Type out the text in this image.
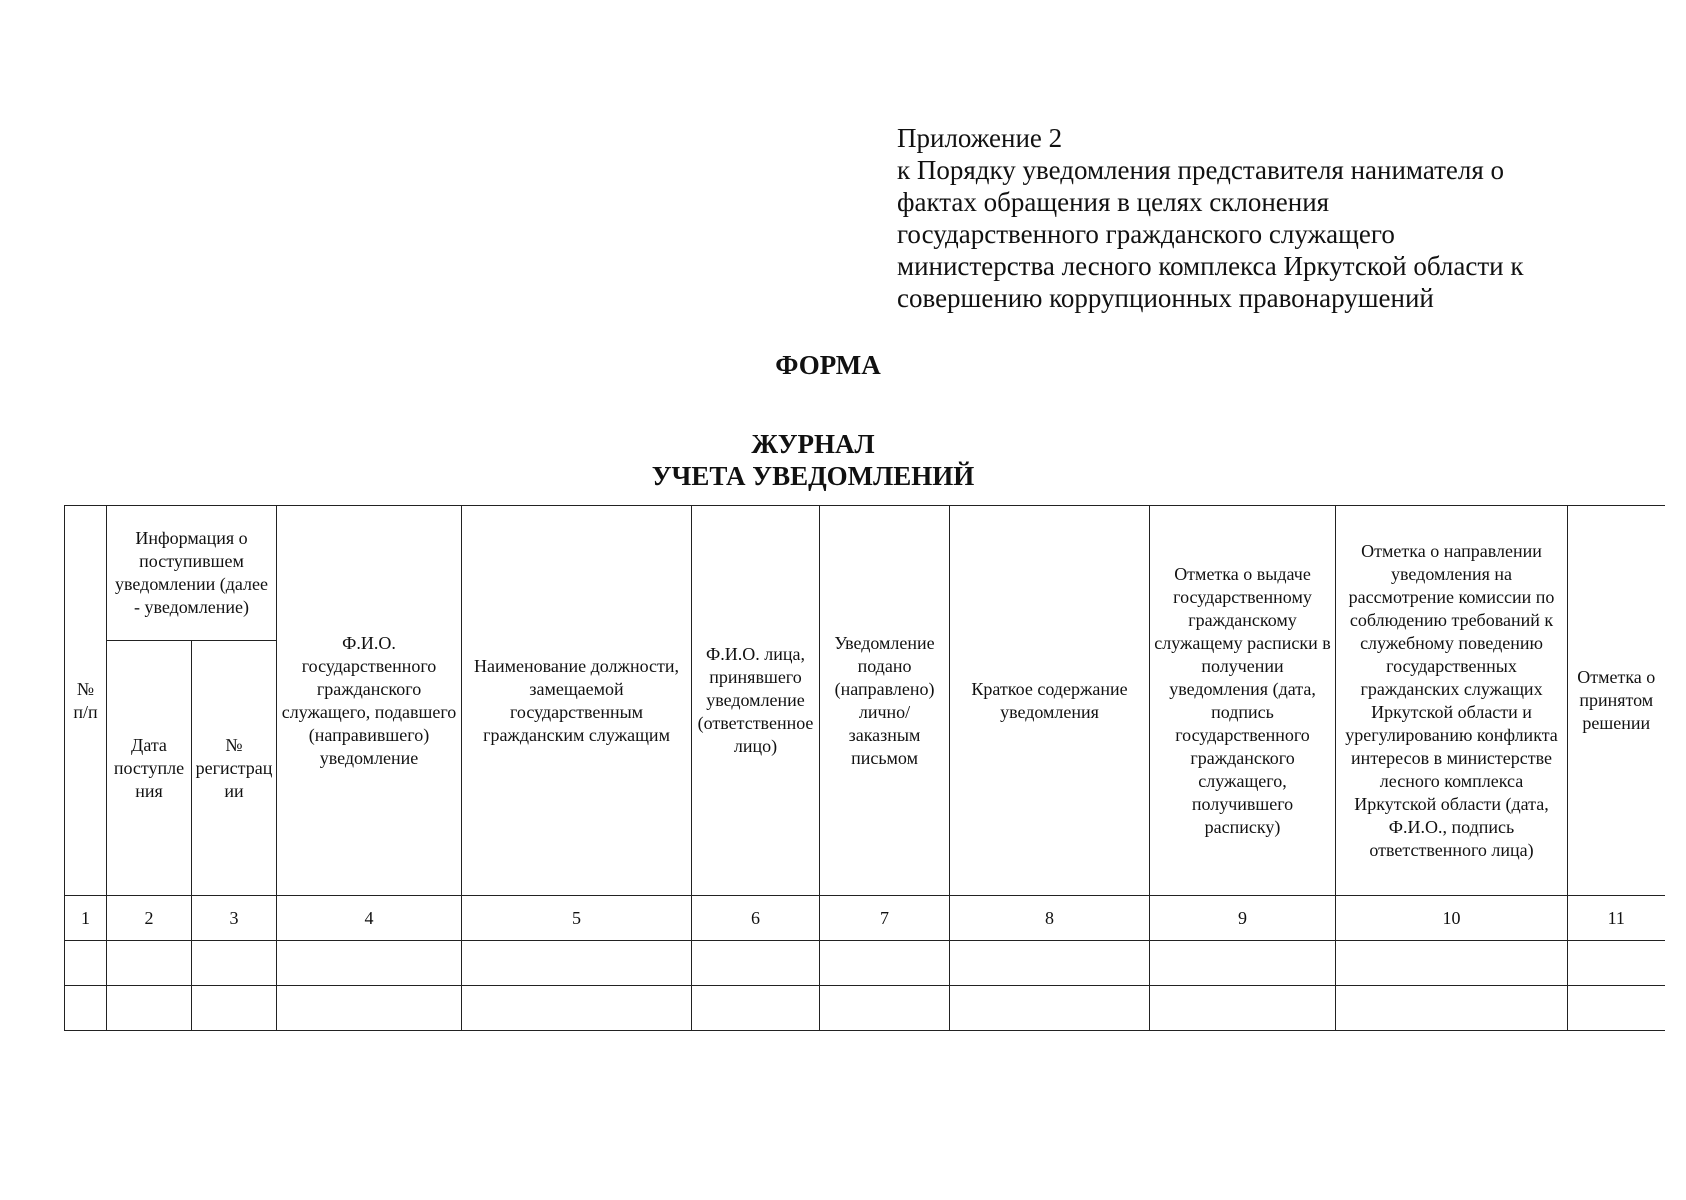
Приложение 2
к Порядку уведомления представителя нанимателя о
фактах обращения в целях склонения
государственного гражданского служащего
министерства лесного комплекса Иркутской области к
совершению коррупционных правонарушений
ФОРМА
ЖУРНАЛ
УЧЕТА УВЕДОМЛЕНИЙ
№ п/п	Информация о поступившем уведомлении (далее - уведомление)		Ф.И.О. государственного гражданского служащего, подавшего (направившего) уведомление	Наименование должности, замещаемой государственным гражданским служащим	Ф.И.О. лица, принявшего уведомление (ответственное лицо)	Уведомление подано (направлено) лично/заказным письмом	Краткое содержание уведомления	Отметка о выдаче государственному гражданскому служащему расписки в получении уведомления (дата, подпись государственного гражданского служащего, получившего расписку)	Отметка о направлении уведомления на рассмотрение комиссии по соблюдению требований к служебному поведению государственных гражданских служащих Иркутской области и урегулированию конфликта интересов в министерстве лесного комплекса Иркутской области (дата, Ф.И.О., подпись ответственного лица)	Отметка о принятом решении
	Дата поступления	№ регистрации								
1	2	3	4	5	6	7	8	9	10	11
